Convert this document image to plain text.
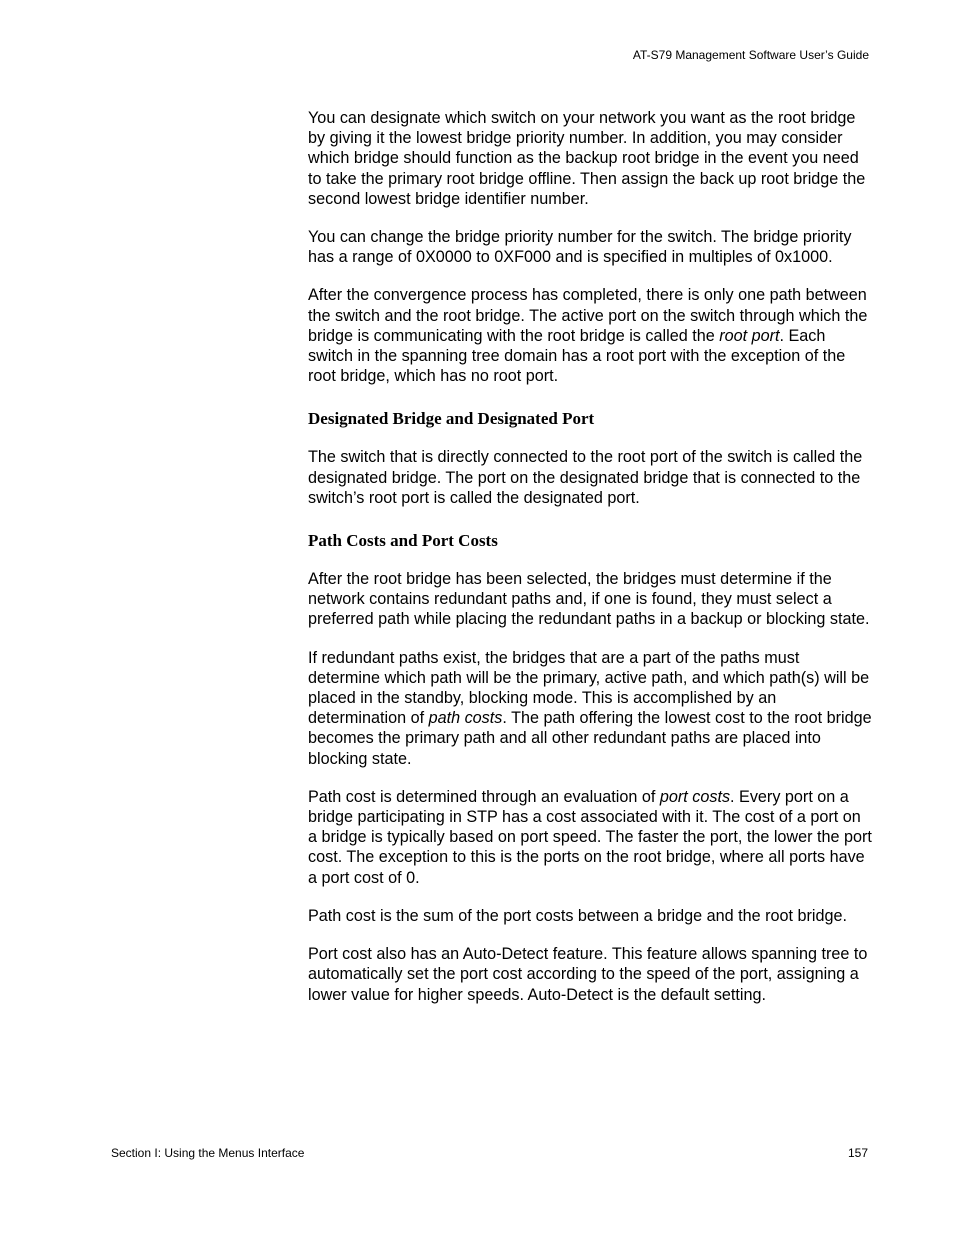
AT-S79 Management Software User’s Guide

You can designate which switch on your network you want as the root bridge by giving it the lowest bridge priority number. In addition, you may consider which bridge should function as the backup root bridge in the event you need to take the primary root bridge offline. Then assign the back up root bridge the second lowest bridge identifier number.

You can change the bridge priority number for the switch. The bridge priority has a range of 0X0000 to 0XF000 and is specified in multiples of 0x1000.

After the convergence process has completed, there is only one path between the switch and the root bridge. The active port on the switch through which the bridge is communicating with the root bridge is called the root port. Each switch in the spanning tree domain has a root port with the exception of the root bridge, which has no root port.

Designated Bridge and Designated Port

The switch that is directly connected to the root port of the switch is called the designated bridge. The port on the designated bridge that is connected to the switch’s root port is called the designated port.

Path Costs and Port Costs

After the root bridge has been selected, the bridges must determine if the network contains redundant paths and, if one is found, they must select a preferred path while placing the redundant paths in a backup or blocking state.

If redundant paths exist, the bridges that are a part of the paths must determine which path will be the primary, active path, and which path(s) will be placed in the standby, blocking mode. This is accomplished by an determination of path costs. The path offering the lowest cost to the root bridge becomes the primary path and all other redundant paths are placed into blocking state.

Path cost is determined through an evaluation of port costs. Every port on a bridge participating in STP has a cost associated with it. The cost of a port on a bridge is typically based on port speed. The faster the port, the lower the port cost. The exception to this is the ports on the root bridge, where all ports have a port cost of 0.

Path cost is the sum of the port costs between a bridge and the root bridge.

Port cost also has an Auto-Detect feature. This feature allows spanning tree to automatically set the port cost according to the speed of the port, assigning a lower value for higher speeds. Auto-Detect is the default setting.

Section I: Using the Menus Interface	157
